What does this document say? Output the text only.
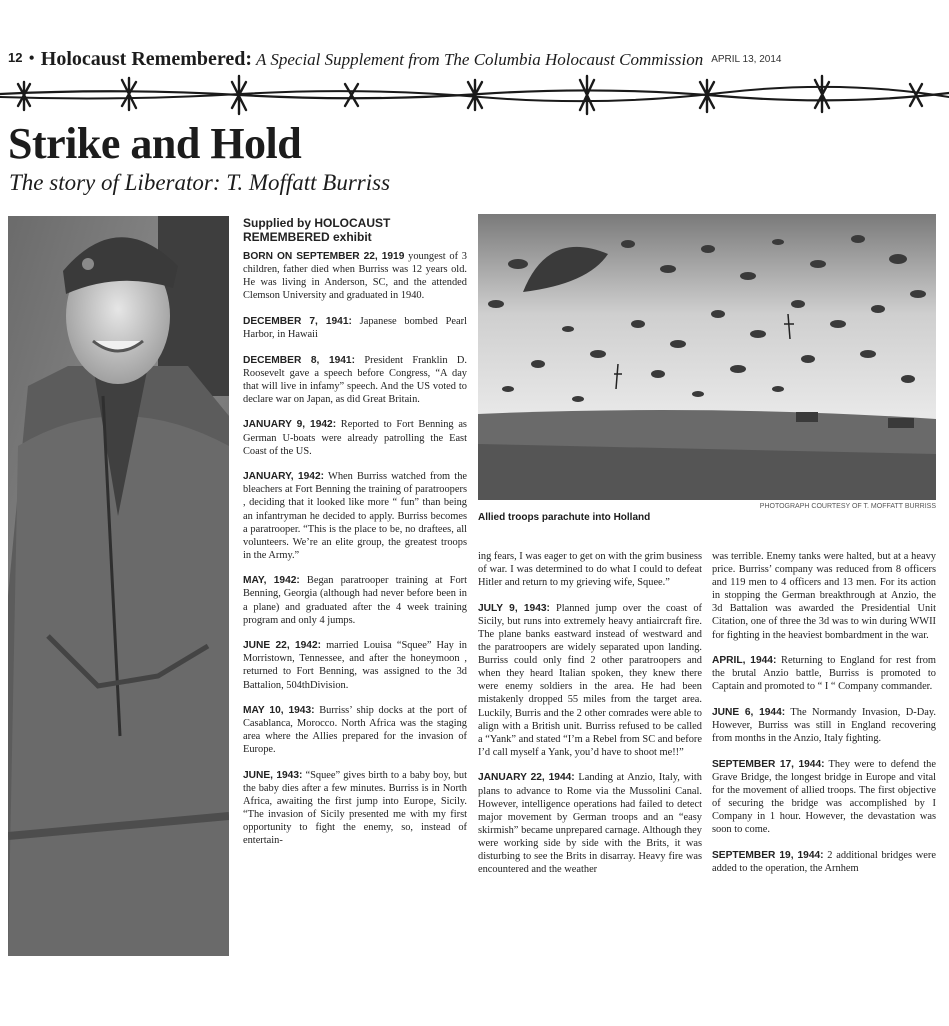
12 • Holocaust Remembered: A Special Supplement from The Columbia Holocaust Commission APRIL 13, 2014
Strike and Hold
The story of Liberator: T. Moffatt Burriss
PHOTOGRAPH COURTESY OF T. MOFFATT BURRISS
Allied troops parachute into Holland

Supplied by HOLOCAUST REMEMBERED exhibit

BORN ON SEPTEMBER 22, 1919 youngest of 3 children, father died when Burriss was 12 years old. He was living in Anderson, SC, and the attended Clemson University and graduated in 1940.

DECEMBER 7, 1941: Japanese bombed Pearl Harbor, in Hawaii

DECEMBER 8, 1941: President Franklin D. Roosevelt gave a speech before Congress, “A day that will live in infamy” speech. And the US voted to declare war on Japan, as did Great Britain.

JANUARY 9, 1942: Reported to Fort Benning as German U-boats were already patrolling the East Coast of the US.

JANUARY, 1942: When Burriss watched from the bleachers at Fort Benning the training of paratroopers , deciding that it looked like more “ fun” than being an infantryman he decided to apply. Burriss becomes a paratrooper. “This is the place to be, no draftees, all volunteers. We’re an elite group, the greatest troops in the Army.”

MAY, 1942: Began paratrooper training at Fort Benning, Georgia (although had never before been in a plane) and graduated after the 4 week training program and only 4 jumps.

JUNE 22, 1942: married Louisa “Squee” Hay in Morristown, Tennessee, and after the honeymoon , returned to Fort Benning, was assigned to the 3d Battalion, 504thDivision.

MAY 10, 1943: Burriss’ ship docks at the port of Casablanca, Morocco. North Africa was the staging area where the Allies prepared for the invasion of Europe.

JUNE, 1943: “Squee” gives birth to a baby boy, but the baby dies after a few minutes. Burriss is in North Africa, awaiting the first jump into Europe, Sicily. “The invasion of Sicily presented me with my first opportunity to fight the enemy, so, instead of entertain-

ing fears, I was eager to get on with the grim business of war. I was determined to do what I could to defeat Hitler and return to my grieving wife, Squee.”

JULY 9, 1943: Planned jump over the coast of Sicily, but runs into extremely heavy antiaircraft fire. The plane banks eastward instead of westward and the paratroopers are widely separated upon landing. Burriss could only find 2 other paratroopers and when they heard Italian spoken, they knew there were enemy soldiers in the area. He had been mistakenly dropped 55 miles from the target area. Luckily, Burris and the 2 other comrades were able to align with a British unit. Burriss refused to be called a “Yank” and stated “I’m a Rebel from SC and before I’d call myself a Yank, you’d have to shoot me!!”

JANUARY 22, 1944: Landing at Anzio, Italy, with plans to advance to Rome via the Mussolini Canal. However, intelligence operations had failed to detect major movement by German troops and an “easy skirmish” became unprepared carnage. Although they were working side by side with the Brits, it was disturbing to see the Brits in disarray. Heavy fire was encountered and the weather

was terrible. Enemy tanks were halted, but at a heavy price. Burriss’ company was reduced from 8 officers and 119 men to 4 officers and 13 men. For its action in stopping the German breakthrough at Anzio, the 3d Battalion was awarded the Presidential Unit Citation, one of three the 3d was to win during WWII for fighting in the heaviest bombardment in the war.

APRIL, 1944: Returning to England for rest from the brutal Anzio battle, Burriss is promoted to Captain and promoted to “ I “ Company commander.

JUNE 6, 1944: The Normandy Invasion, D-Day. However, Burriss was still in England recovering from months in the Anzio, Italy fighting.

SEPTEMBER 17, 1944: They were to defend the Grave Bridge, the longest bridge in Europe and vital for the movement of allied troops. The first objective of securing the bridge was accomplished by I Company in 1 hour. However, the devastation was soon to come.

SEPTEMBER 19, 1944: 2 additional bridges were added to the operation, the Arnhem
